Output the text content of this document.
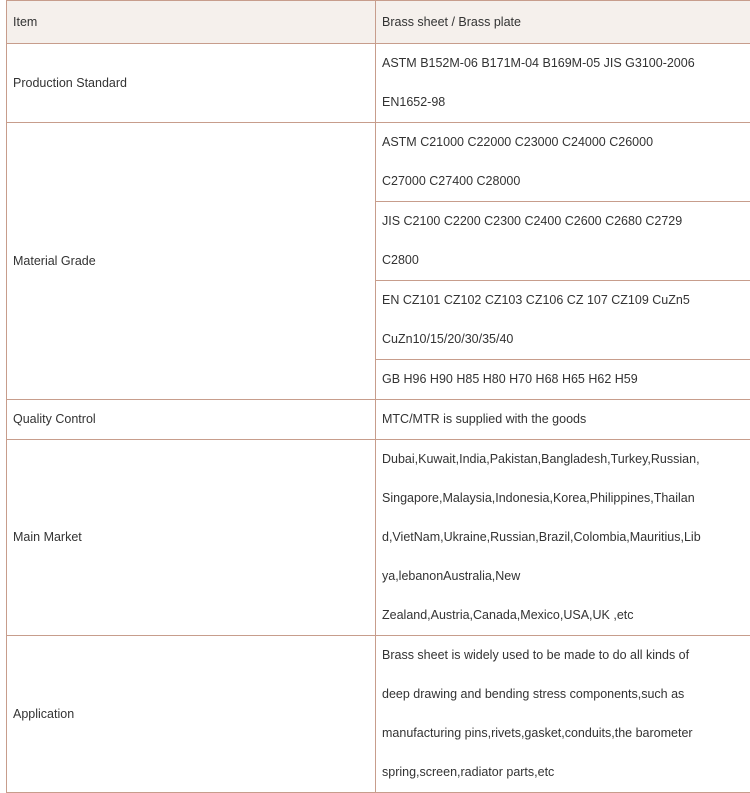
Item	Brass sheet / Brass plate
Production Standard	ASTM B152M-06 B171M-04 B169M-05 JIS G3100-2006
EN1652-98

Material Grade	ASTM C21000 C22000 C23000 C24000 C26000
C27000 C27400 C28000

	JIS C2100 C2200 C2300 C2400 C2600 C2680 C2729
C2800

	EN CZ101 CZ102 CZ103 CZ106 CZ 107 CZ109 CuZn5
CuZn10/15/20/30/35/40

	GB H96 H90 H85 H80 H70 H68 H65 H62 H59
Quality Control	MTC/MTR is supplied with the goods
Main Market	Dubai,Kuwait,India,Pakistan,Bangladesh,Turkey,Russian,
Singapore,Malaysia,Indonesia,Korea,Philippines,Thailan
d,VietNam,Ukraine,Russian,Brazil,Colombia,Mauritius,Lib
ya,lebanonAustralia,New
Zealand,Austria,Canada,Mexico,USA,UK ,etc

Application	Brass sheet is widely used to be made to do all kinds of
deep drawing and bending stress components,such as
manufacturing pins,rivets,gasket,conduits,the barometer
spring,screen,radiator parts,etc
